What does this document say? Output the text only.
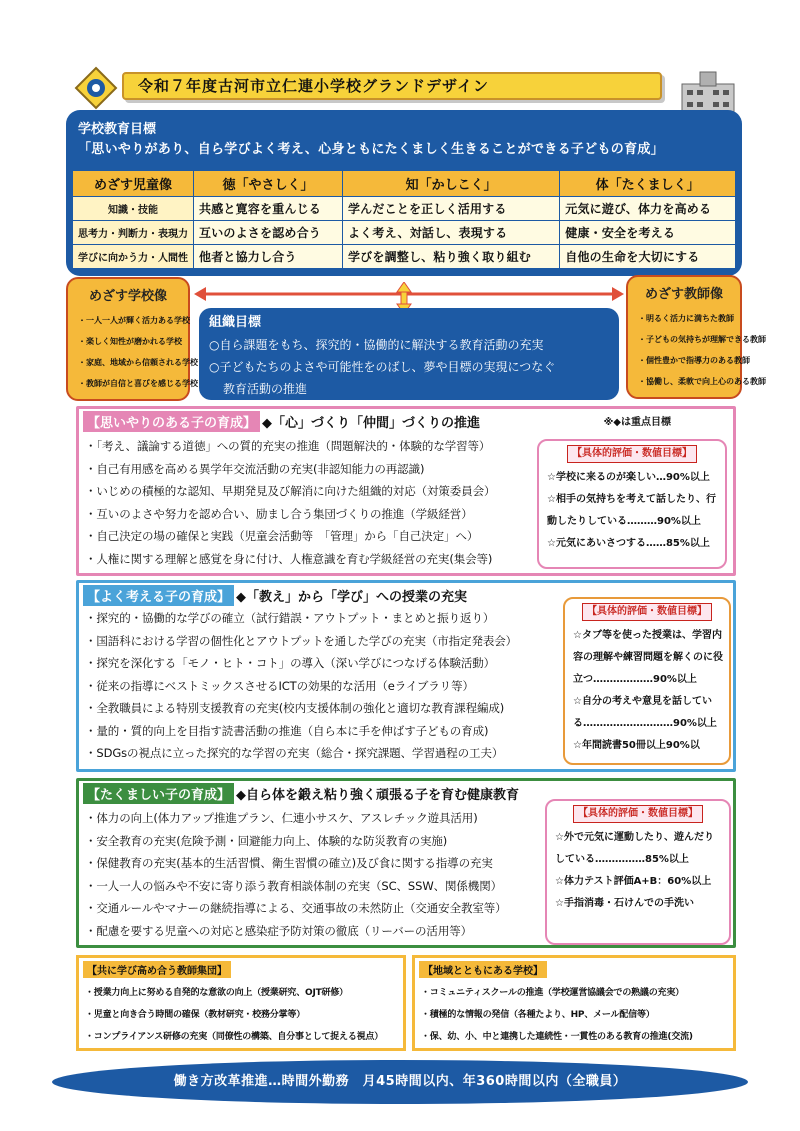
令和７年度古河市立仁連小学校グランドデザイン
学校教育目標
「思いやりがあり、自ら学びよく考え、心身ともにたくましく生きることができる子どもの育成」
めざす児童像	徳「やさしく」	知「かしこく」	体「たくましく」
知識・技能	共感と寛容を重んじる	学んだことを正しく活用する	元気に遊び、体力を高める
思考力・判断力・表現力	互いのよさを認め合う	よく考え、対話し、表現する	健康・安全を考える
学びに向かう力・人間性	他者と協力し合う	学びを調整し、粘り強く取り組む	自他の生命を大切にする
めざす学校像
・一人一人が輝く活力ある学校
・楽しく知性が磨かれる学校
・家庭、地域から信頼される学校
・教師が自信と喜びを感じる学校
めざす教師像
・明るく活力に満ちた教師
・子どもの気持ちが理解できる教師
・個性豊かで指導力のある教師
・協働し、柔軟で向上心のある教師
組織目標

○自ら課題をもち、探究的・協働的に解決する教育活動の充実

○子どもたちのよさや可能性をのばし、夢や目標の実現につなぐ

教育活動の推進

【思いやりのある子の育成】 ◆「心」づくり「仲間」づくりの推進	※◆は重点目標
・「考え、議論する道徳」への質的充実の推進（問題解決的・体験的な学習等）
・自己有用感を高める異学年交流活動の充実(非認知能力の再認識)
・いじめの積極的な認知、早期発見及び解消に向けた組織的対応（対策委員会）
・互いのよさや努力を認め合い、励まし合う集団づくりの推進（学級経営）
・自己決定の場の確保と実践（児童会活動等　「管理」から「自己決定」へ）
・人権に関する理解と感覚を身に付け、人権意識を育む学級経営の充実(集会等)
【具体的評価・数値目標】
☆学校に来るのが楽しい…90%以上
☆相手の気持ちを考えて話したり、行動したりしている………90%以上
☆元気にあいさつする……85%以上
【よく考える子の育成】 ◆「教え」から「学び」への授業の充実
・探究的・協働的な学びの確立（試行錯誤・アウトプット・まとめと振り返り）
・国語科における学習の個性化とアウトプットを通した学びの充実（市指定発表会）
・探究を深化する「モノ・ヒト・コト」の導入（深い学びにつなげる体験活動）
・従来の指導にベストミックスさせるICTの効果的な活用（eライブラリ等）
・全教職員による特別支援教育の充実(校内支援体制の強化と適切な教育課程編成)
・量的・質的向上を目指す読書活動の推進（自ら本に手を伸ばす子どもの育成)
・SDGsの視点に立った探究的な学習の充実（総合・探究課題、学習過程の工夫）
【具体的評価・数値目標】
☆タブ等を使った授業は、学習内容の理解や練習問題を解くのに役立つ………………90%以上
☆自分の考えや意見を話している………………………90%以上
☆年間読書50冊以上90%以
【たくましい子の育成】 ◆自ら体を鍛え粘り強く頑張る子を育む健康教育
・体力の向上(体力アップ推進プラン、仁連小サスケ、アスレチック遊具活用)
・安全教育の充実(危険予測・回避能力向上、体験的な防災教育の実施)
・保健教育の充実(基本的生活習慣、衛生習慣の確立)及び食に関する指導の充実
・一人一人の悩みや不安に寄り添う教育相談体制の充実（SC、SSW、関係機関）
・交通ルールやマナーの継続指導による、交通事故の未然防止（交通安全教室等）
・配慮を要する児童への対応と感染症予防対策の徹底（リーバーの活用等）
【具体的評価・数値目標】
☆外で元気に運動したり、遊んだりしている……………85%以上
☆体力テスト評価A+B：60%以上
☆手指消毒・石けんでの手洗い
【共に学び高め合う教師集団】
・授業力向上に努める自発的な意欲の向上（授業研究、OJT研修）
・児童と向き合う時間の確保（教材研究・校務分掌等）
・コンプライアンス研修の充実（同僚性の構築、自分事として捉える視点）
【地域とともにある学校】
・コミュニティスクールの推進（学校運営協議会での熟議の充実）
・積極的な情報の発信（各種たより、HP、メール配信等）
・保、幼、小、中と連携した連続性・一貫性のある教育の推進(交流)
働き方改革推進…時間外勤務　月45時間以内、年360時間以内（全職員）
